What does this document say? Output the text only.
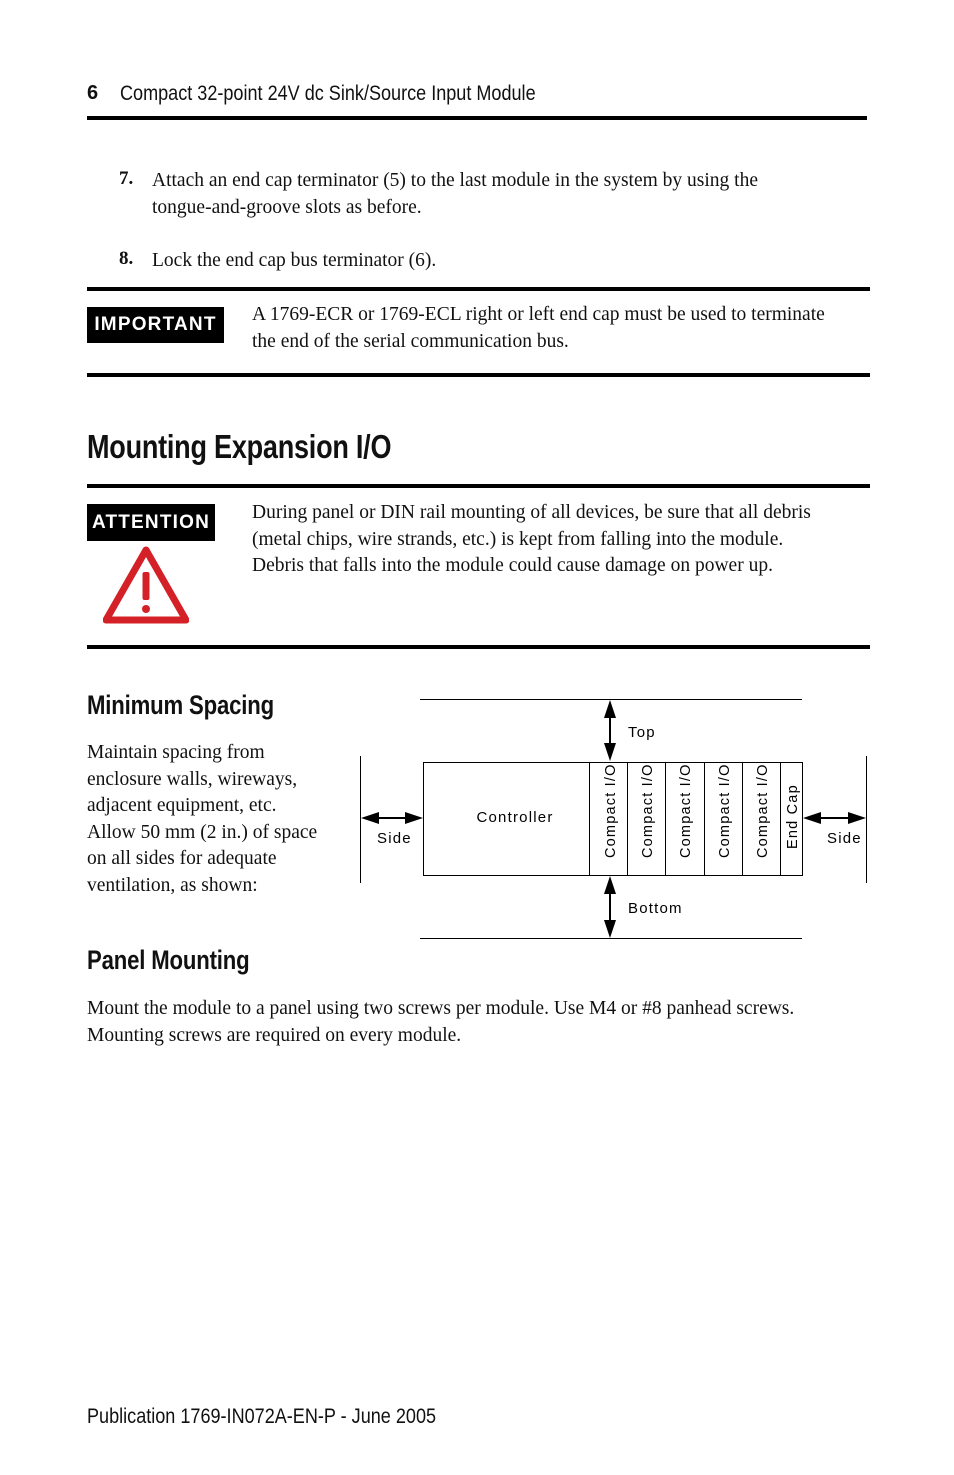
6 Compact 32-point 24V dc Sink/Source Input Module
7. Attach an end cap terminator (5) to the last module in the system by using the
tongue-and-groove slots as before.
8. Lock the end cap bus terminator (6).
IMPORTANT	A 1769-ECR or 1769-ECL right or left end cap must be used to terminate
the end of the serial communication bus.
Mounting Expansion I/O
ATTENTION During panel or DIN rail mounting of all devices, be sure that all debris
(metal chips, wire strands, etc.) is kept from falling into the module.
Debris that falls into the module could cause damage on power up.
Minimum Spacing
Maintain spacing from
enclosure walls, wireways,
adjacent equipment, etc.
Allow 50 mm (2 in.) of space
on all sides for adequate
ventilation, as shown:
Controller	Compact I/O Compact I/O Compact I/O Compact I/O Compact I/O End Cap
Top
Bottom
Side	Side
Panel Mounting
Mount the module to a panel using two screws per module. Use M4 or #8 panhead screws.
Mounting screws are required on every module.
Publication 1769-IN072A-EN-P - June 2005
